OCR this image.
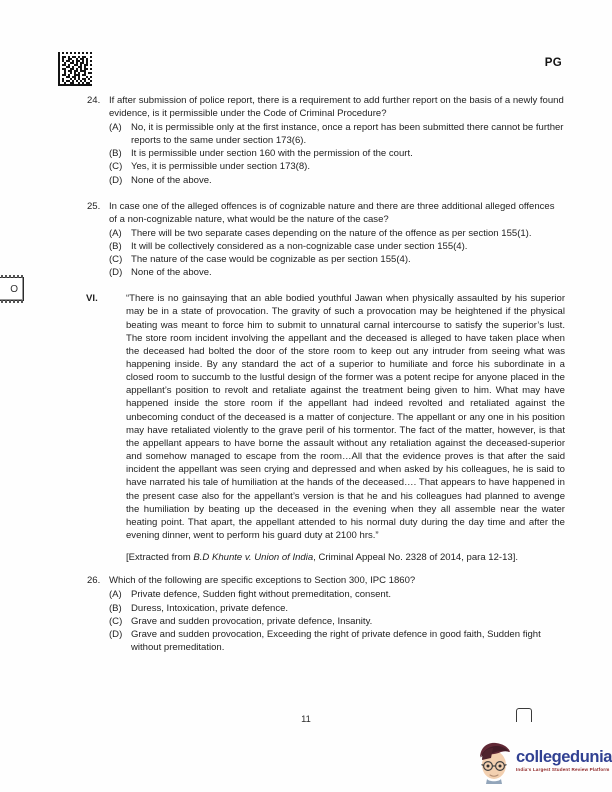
PG
24. If after submission of police report, there is a requirement to add further report on the basis of a newly found evidence, is it permissible under the Code of Criminal Procedure?
(A) No, it is permissible only at the first instance, once a report has been submitted there cannot be further reports to the same under section 173(6).
(B) It is permissible under section 160 with the permission of the court.
(C) Yes, it is permissible under section 173(8).
(D) None of the above.
25. In case one of the alleged offences is of cognizable nature and there are three additional alleged offences of a non-cognizable nature, what would be the nature of the case?
(A) There will be two separate cases depending on the nature of the offence as per section 155(1).
(B) It will be collectively considered as a non-cognizable case under section 155(4).
(C) The nature of the case would be cognizable as per section 155(4).
(D) None of the above.
VI.	“There is no gainsaying that an able bodied youthful Jawan when physically assaulted by his superior may be in a state of provocation. The gravity of such a provocation may be heightened if the physical beating was meant to force him to submit to unnatural carnal intercourse to satisfy the superior’s lust. The store room incident involving the appellant and the deceased is alleged to have taken place when the deceased had bolted the door of the store room to keep out any intruder from seeing what was happening inside. By any standard the act of a superior to humiliate and force his subordinate in a closed room to succumb to the lustful design of the former was a potent recipe for anyone placed in the appellant’s position to revolt and retaliate against the treatment being given to him. What may have happened inside the store room if the appellant had indeed revolted and retaliated against the unbecoming conduct of the deceased is a matter of conjecture. The appellant or any one in his position may have retaliated violently to the grave peril of his tormentor. The fact of the matter, however, is that the appellant appears to have borne the assault without any retaliation against the deceased-superior and somehow managed to escape from the room…All that the evidence proves is that after the said incident the appellant was seen crying and depressed and when asked by his colleagues, he is said to have narrated his tale of humiliation at the hands of the deceased…. That appears to have happened in the present case also for the appellant’s version is that he and his colleagues had planned to avenge the humiliation by beating up the deceased in the evening when they all assemble near the water heating point. That apart, the appellant attended to his normal duty during the day time and after the evening dinner, went to perform his guard duty at 2100 hrs.”
[Extracted from B.D Khunte v. Union of India, Criminal Appeal No. 2328 of 2014, para 12-13].
26. Which of the following are specific exceptions to Section 300, IPC 1860?
(A) Private defence, Sudden fight without premeditation, consent.
(B) Duress, Intoxication, private defence.
(C) Grave and sudden provocation, private defence, Insanity.
(D) Grave and sudden provocation, Exceeding the right of private defence in good faith, Sudden fight without premeditation.
11
O
collegedunia
India's Largest Student Review Platform
